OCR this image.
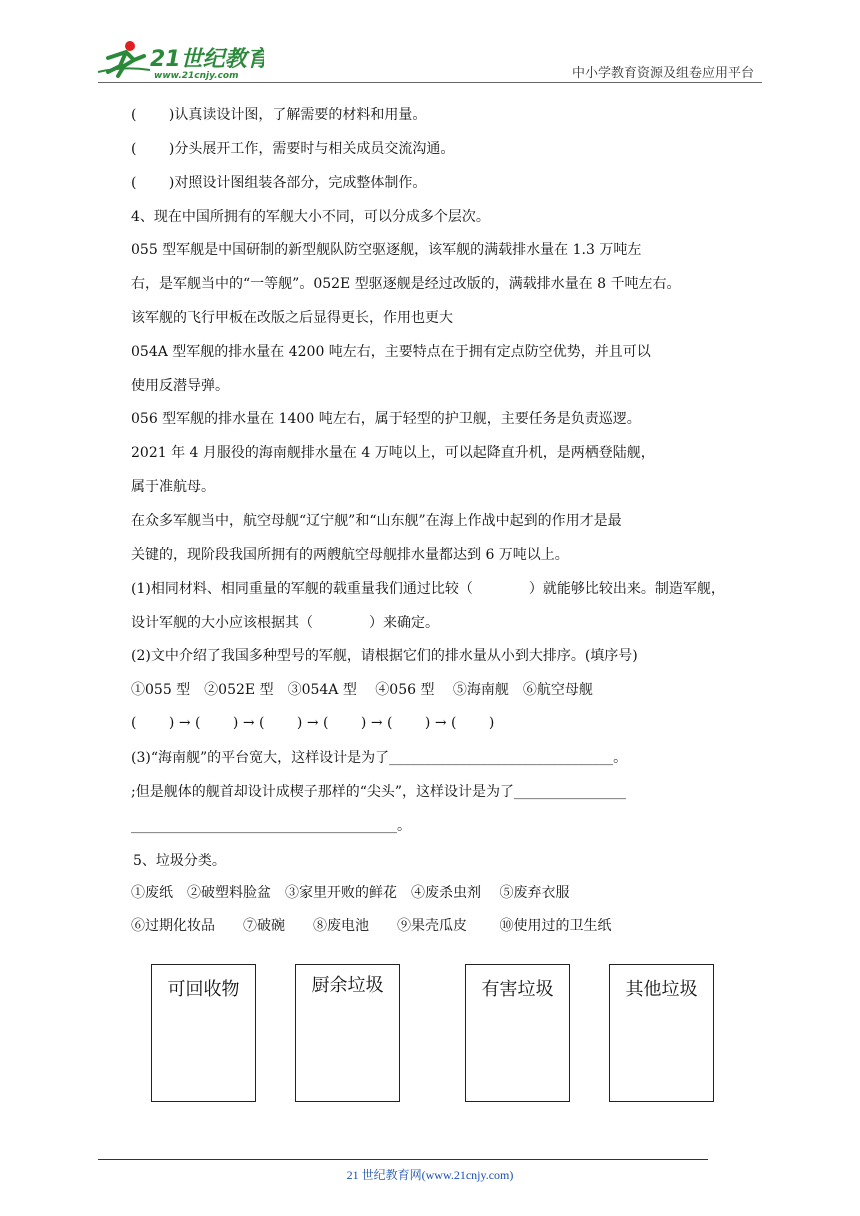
21世纪教育
www.21cnjy.com	中小学教育资源及组卷应用平台
(　　 )认真读设计图，了解需要的材料和用量。
(　　 )分头展开工作，需要时与相关成员交流沟通。
(　　 )对照设计图组装各部分，完成整体制作。
4、现在中国所拥有的军舰大小不同，可以分成多个层次。
055 型军舰是中国研制的新型舰队防空驱逐舰，该军舰的满载排水量在 1.3 万吨左
右，是军舰当中的“一等舰”。052E 型驱逐舰是经过改版的，满载排水量在 8 千吨左右。
该军舰的飞行甲板在改版之后显得更长，作用也更大
054A 型军舰的排水量在 4200 吨左右，主要特点在于拥有定点防空优势，并且可以
使用反潜导弹。
056 型军舰的排水量在 1400 吨左右，属于轻型的护卫舰，主要任务是负责巡逻。
2021 年 4 月服役的海南舰排水量在 4 万吨以上，可以起降直升机，是两栖登陆舰，
属于准航母。
在众多军舰当中，航空母舰“辽宁舰”和“山东舰”在海上作战中起到的作用才是最
关键的，现阶段我国所拥有的两艘航空母舰排水量都达到 6 万吨以上。
(1)相同材料、相同重量的军舰的载重量我们通过比较（　　　　）就能够比较出来。制造军舰，
设计军舰的大小应该根据其（　　　　）来确定。
(2)文中介绍了我国多种型号的军舰，请根据它们的排水量从小到大排序。(填序号)
①055 型　②052E 型　③054A 型　 ④056 型　 ⑤海南舰　⑥航空母舰
(　 　) → (　 　) → (　 　) → (　 　) → (　 　) → (　 　)
(3)“海南舰”的平台宽大，这样设计是为了________________________________。
;但是舰体的舰首却设计成楔子那样的“尖头”，这样设计是为了________________
______________________________________。
5、垃圾分类。
①废纸　②破塑料脸盆　③家里开败的鲜花　④废杀虫剂　 ⑤废弃衣服
⑥过期化妆品　　⑦破碗　　⑧废电池　　⑨果壳瓜皮　　 ⑩使用过的卫生纸
可回收物	厨余垃圾	有害垃圾	其他垃圾
21 世纪教育网(www.21cnjy.com)
